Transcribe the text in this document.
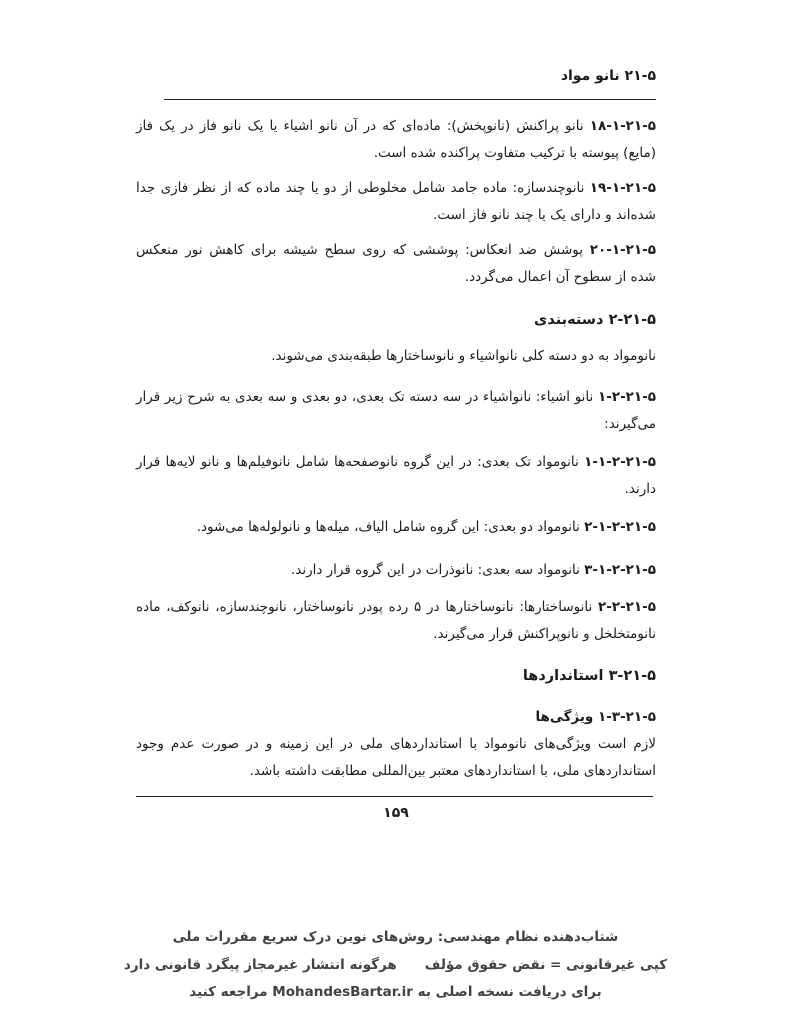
۲۱-۵ نانو مواد

۱۸-۱-۲۱-۵ نانو پراکنش (نانوپخش): ماده‌ای که در آن نانو اشیاء یا یک نانو فاز در یک فاز (مایع) پیوسته با ترکیب متفاوت پراکنده شده است.

۱۹-۱-۲۱-۵ نانوچندسازه: ماده جامد شامل مخلوطی از دو یا چند ماده که از نظر فازی جدا شده‌اند و دارای یک یا چند نانو فاز است.

۲۰-۱-۲۱-۵ پوشش ضد انعکاس: پوششی که روی سطح شیشه برای کاهش نور منعکس شده از سطوح آن اعمال می‌گردد.

۲-۲۱-۵ دسته‌بندی

نانومواد به دو دسته کلی نانواشیاء و نانوساختارها طبقه‌بندی می‌شوند.

۱-۲-۲۱-۵ نانو اشیاء: نانواشیاء در سه دسته تک بعدی، دو بعدی و سه بعدی به شرح زیر قرار می‌گیرند:

۱-۱-۲-۲۱-۵ نانومواد تک بعدی: در این گروه نانوصفحه‌ها شامل نانوفیلم‌ها و نانو لایه‌ها قرار دارند.

۲-۱-۲-۲۱-۵ نانومواد دو بعدی: این گروه شامل الیاف، میله‌ها و نانولوله‌ها می‌شود.

۳-۱-۲-۲۱-۵ نانومواد سه بعدی: نانوذرات در این گروه قرار دارند.

۲-۲-۲۱-۵ نانوساختارها: نانوساختارها در ۵ رده پودر نانوساختار، نانوچندسازه، نانوکف، ماده نانومتخلخل و نانوپراکنش قرار می‌گیرند.

۳-۲۱-۵ استانداردها

۱-۳-۲۱-۵ ویژگی‌ها

لازم است ویژگی‌های نانومواد با استانداردهای ملی در این زمینه و در صورت عدم وجود استانداردهای ملی، با استانداردهای معتبر بین‌المللی مطابقت داشته باشد.

۱۵۹
شتاب‌دهنده نظام مهندسی: روش‌های نوین درک سریع مقررات ملی
کپی غیرقانونی = نقض حقوق مؤلف
هرگونه انتشار غیرمجاز پیگرد قانونی دارد
برای دریافت نسخه اصلی به MohandesBartar.ir مراجعه کنید
